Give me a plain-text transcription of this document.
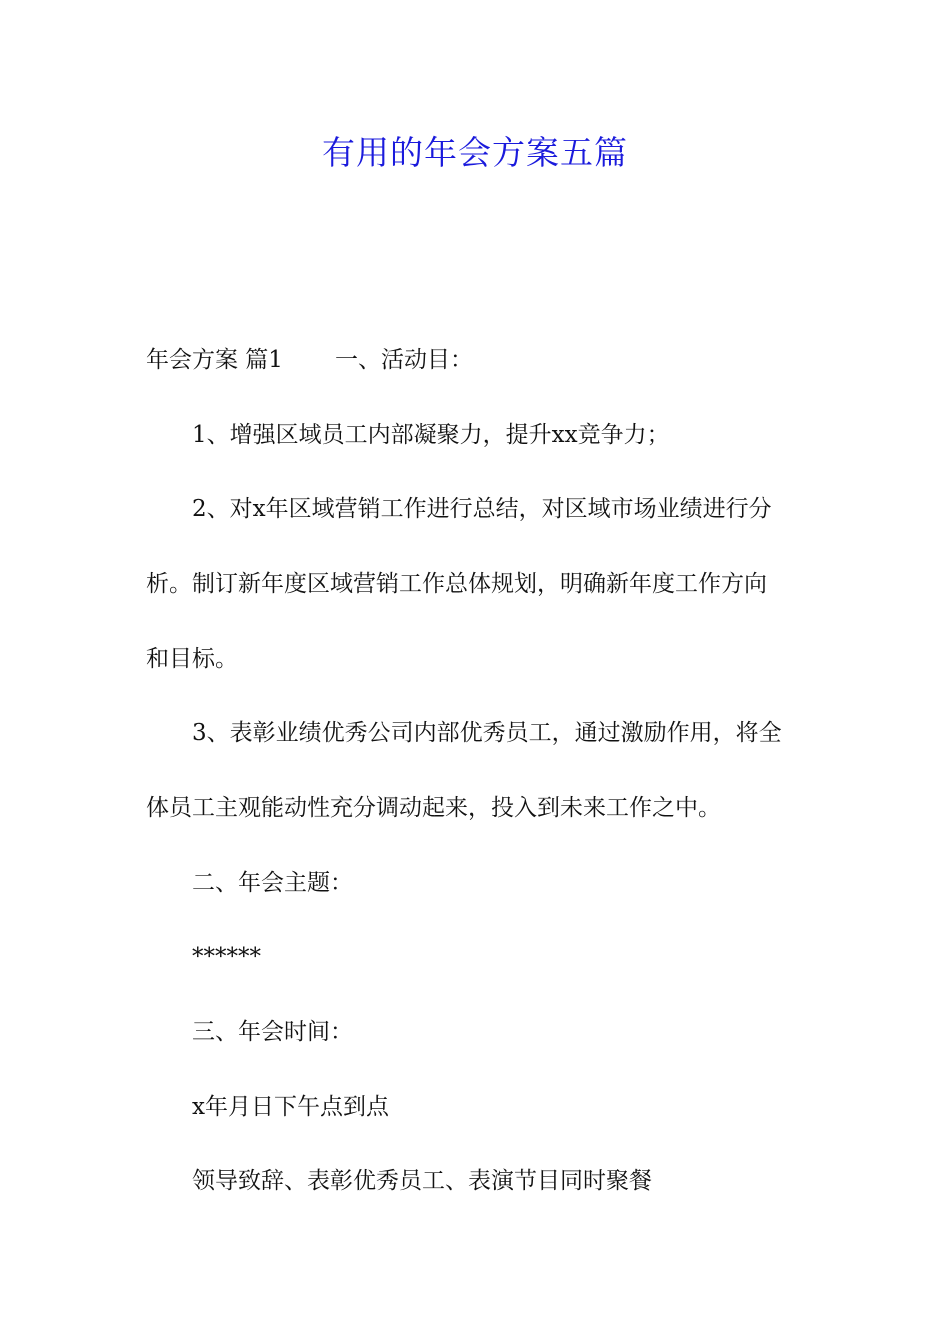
有用的年会方案五篇
年会方案 篇1 一、活动目：
1、增强区域员工内部凝聚力，提升xx竞争力；
2、对x年区域营销工作进行总结，对区域市场业绩进行分
析。制订新年度区域营销工作总体规划，明确新年度工作方向
和目标。
3、表彰业绩优秀公司内部优秀员工，通过激励作用，将全
体员工主观能动性充分调动起来，投入到未来工作之中。
二、年会主题：
******
三、年会时间：
x年月日下午点到点
领导致辞、表彰优秀员工、表演节目同时聚餐
